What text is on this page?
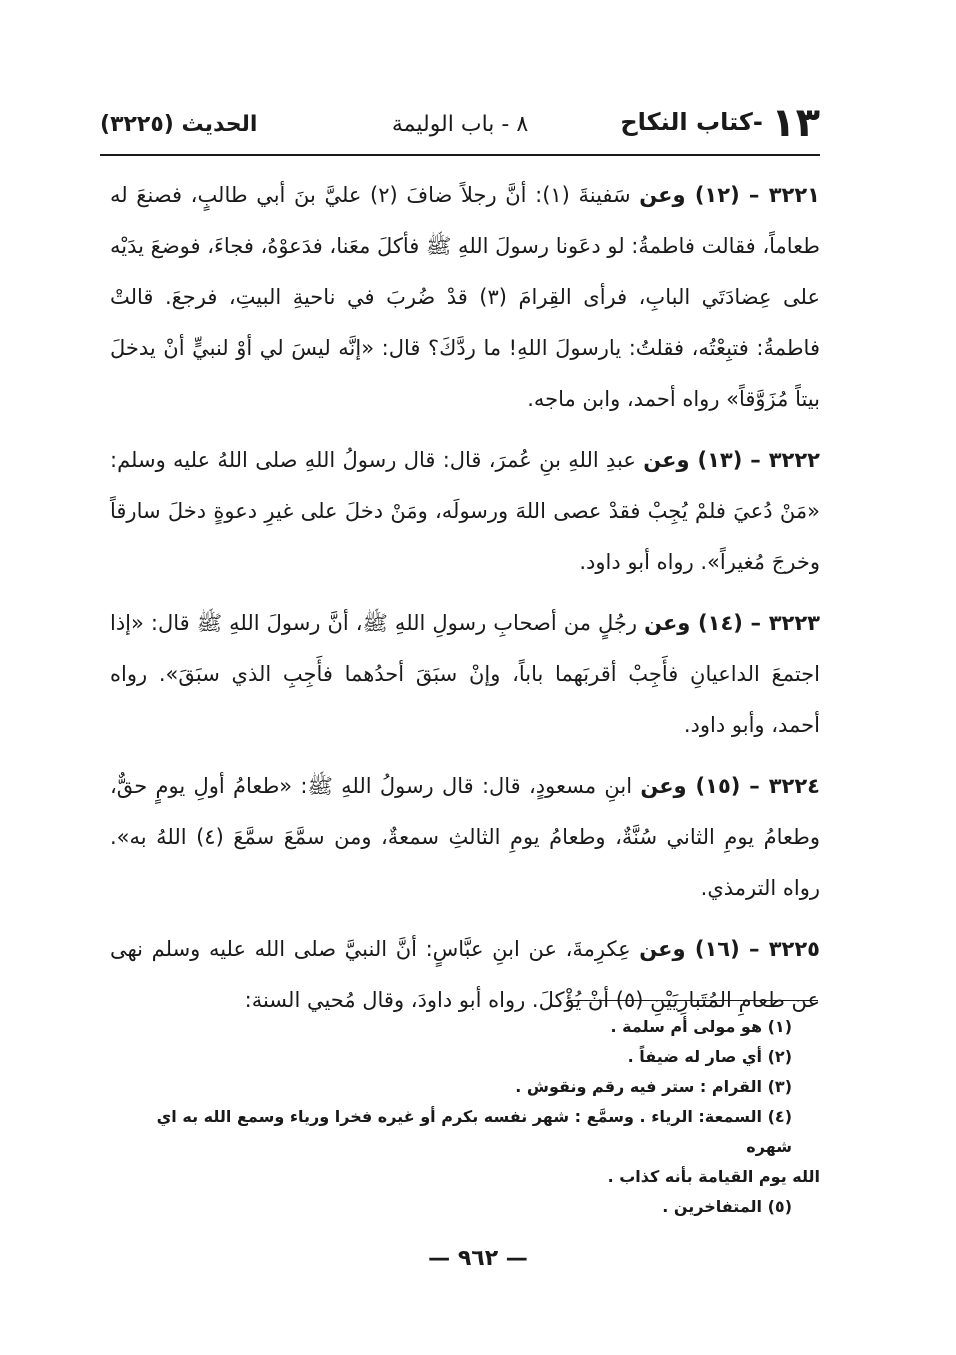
١٣ -كتاب النكاح
٨ - باب الوليمة
الحديث (٣٢٢٥)

٣٢٢١ – (١٢) وعن سَفينةَ (١): أنَّ رجلاً ضافَ (٢) عليَّ بنَ أبي طالبٍ، فصنعَ له طعاماً، فقالت فاطمةُ: لو دعَونا رسولَ اللهِ ﷺ فأكلَ معَنا، فدَعوْهُ، فجاءَ، فوضعَ يدَيْه على عِضادَتَي البابِ، فرأى القِرامَ (٣) قدْ ضُربَ في ناحيةِ البيتِ، فرجعَ. قالتْ فاطمةُ: فتبِعْتُه، فقلتُ: يارسولَ اللهِ! ما ردَّكَ؟ قال: «إنَّه ليسَ لي أوْ لنبيٍّ أنْ يدخلَ بيتاً مُزَوَّقاً» رواه أحمد، وابن ماجه.

٣٢٢٢ – (١٣) وعن عبدِ اللهِ بنِ عُمرَ، قال: قال رسولُ اللهِ صلى اللهُ عليه وسلم: «مَنْ دُعيَ فلمْ يُجِبْ فقدْ عصى اللهَ ورسولَه، ومَنْ دخلَ على غيرِ دعوةٍ دخلَ سارقاً وخرجَ مُغيراً». رواه أبو داود.

٣٢٢٣ – (١٤) وعن رجُلٍ من أصحابِ رسولِ اللهِ ﷺ، أنَّ رسولَ اللهِ ﷺ قال: «إذا اجتمعَ الداعيانِ فأَجِبْ أقربَهما باباً، وإنْ سبَقَ أحدُهما فأَجِبِ الذي سبَقَ». رواه أحمد، وأبو داود.

٣٢٢٤ – (١٥) وعن ابنِ مسعودٍ، قال: قال رسولُ اللهِ ﷺ: «طعامُ أولِ يومٍ حقٌّ، وطعامُ يومِ الثاني سُنَّةٌ، وطعامُ يومِ الثالثِ سمعةٌ، ومن سمَّعَ سمَّعَ (٤) اللهُ به». رواه الترمذي.

٣٢٢٥ – (١٦) وعن عِكرِمةَ، عن ابنِ عبَّاسٍ: أنَّ النبيَّ صلى الله عليه وسلم نهى عن طعامِ المُتَبارِيَيْنِ (٥) أنْ يُؤْكلَ. رواه أبو داودَ، وقال مُحيي السنة:

(١) هو مولى أم سلمة .

(٢) أي صار له ضيفاً .

(٣) القرام : ستر فيه رقم ونقوش .

(٤) السمعة: الرياء . وسمَّع : شهر نفسه بكرم أو غيره فخرا ورياء وسمع الله به اي شهره

الله يوم القيامة بأنه كذاب .

(٥) المتفاخرين .

— ٩٦٢ —
